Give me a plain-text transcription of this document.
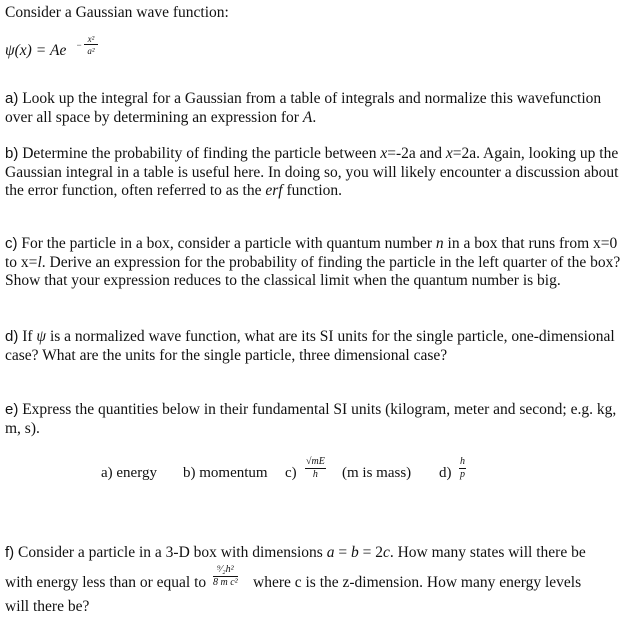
Consider a Gaussian wave function:
ψ(x) = Ae −
x²
a²
a) Look up the integral for a Gaussian from a table of integrals and normalize this wavefunction over all space by determining an expression for A.
b) Determine the probability of finding the particle between x=-2a and x=2a. Again, looking up the Gaussian integral in a table is useful here. In doing so, you will likely encounter a discussion about the error function, often referred to as the erf function.
c) For the particle in a box, consider a particle with quantum number n in a box that runs from x=0 to x=l. Derive an expression for the probability of finding the particle in the left quarter of the box? Show that your expression reduces to the classical limit when the quantum number is big.
d) If ψ is a normalized wave function, what are its SI units for the single particle, one-dimensional case? What are the units for the single particle, three dimensional case?
e) Express the quantities below in their fundamental SI units (kilogram, meter and second; e.g. kg, m, s).
a) energy b) momentum $c) \frac{√mE}{h} (m$ is mass) $d) \frac{h}{p}$
f) Consider a particle in a 3-D box with dimensions a = b = 2c. How many states will there be
with energy less than or equal to $\frac{\text{⁹⁄₂h²}}{\text{8 m c²}}$ where c is the z-dimension. How many energy levels
will there be?
